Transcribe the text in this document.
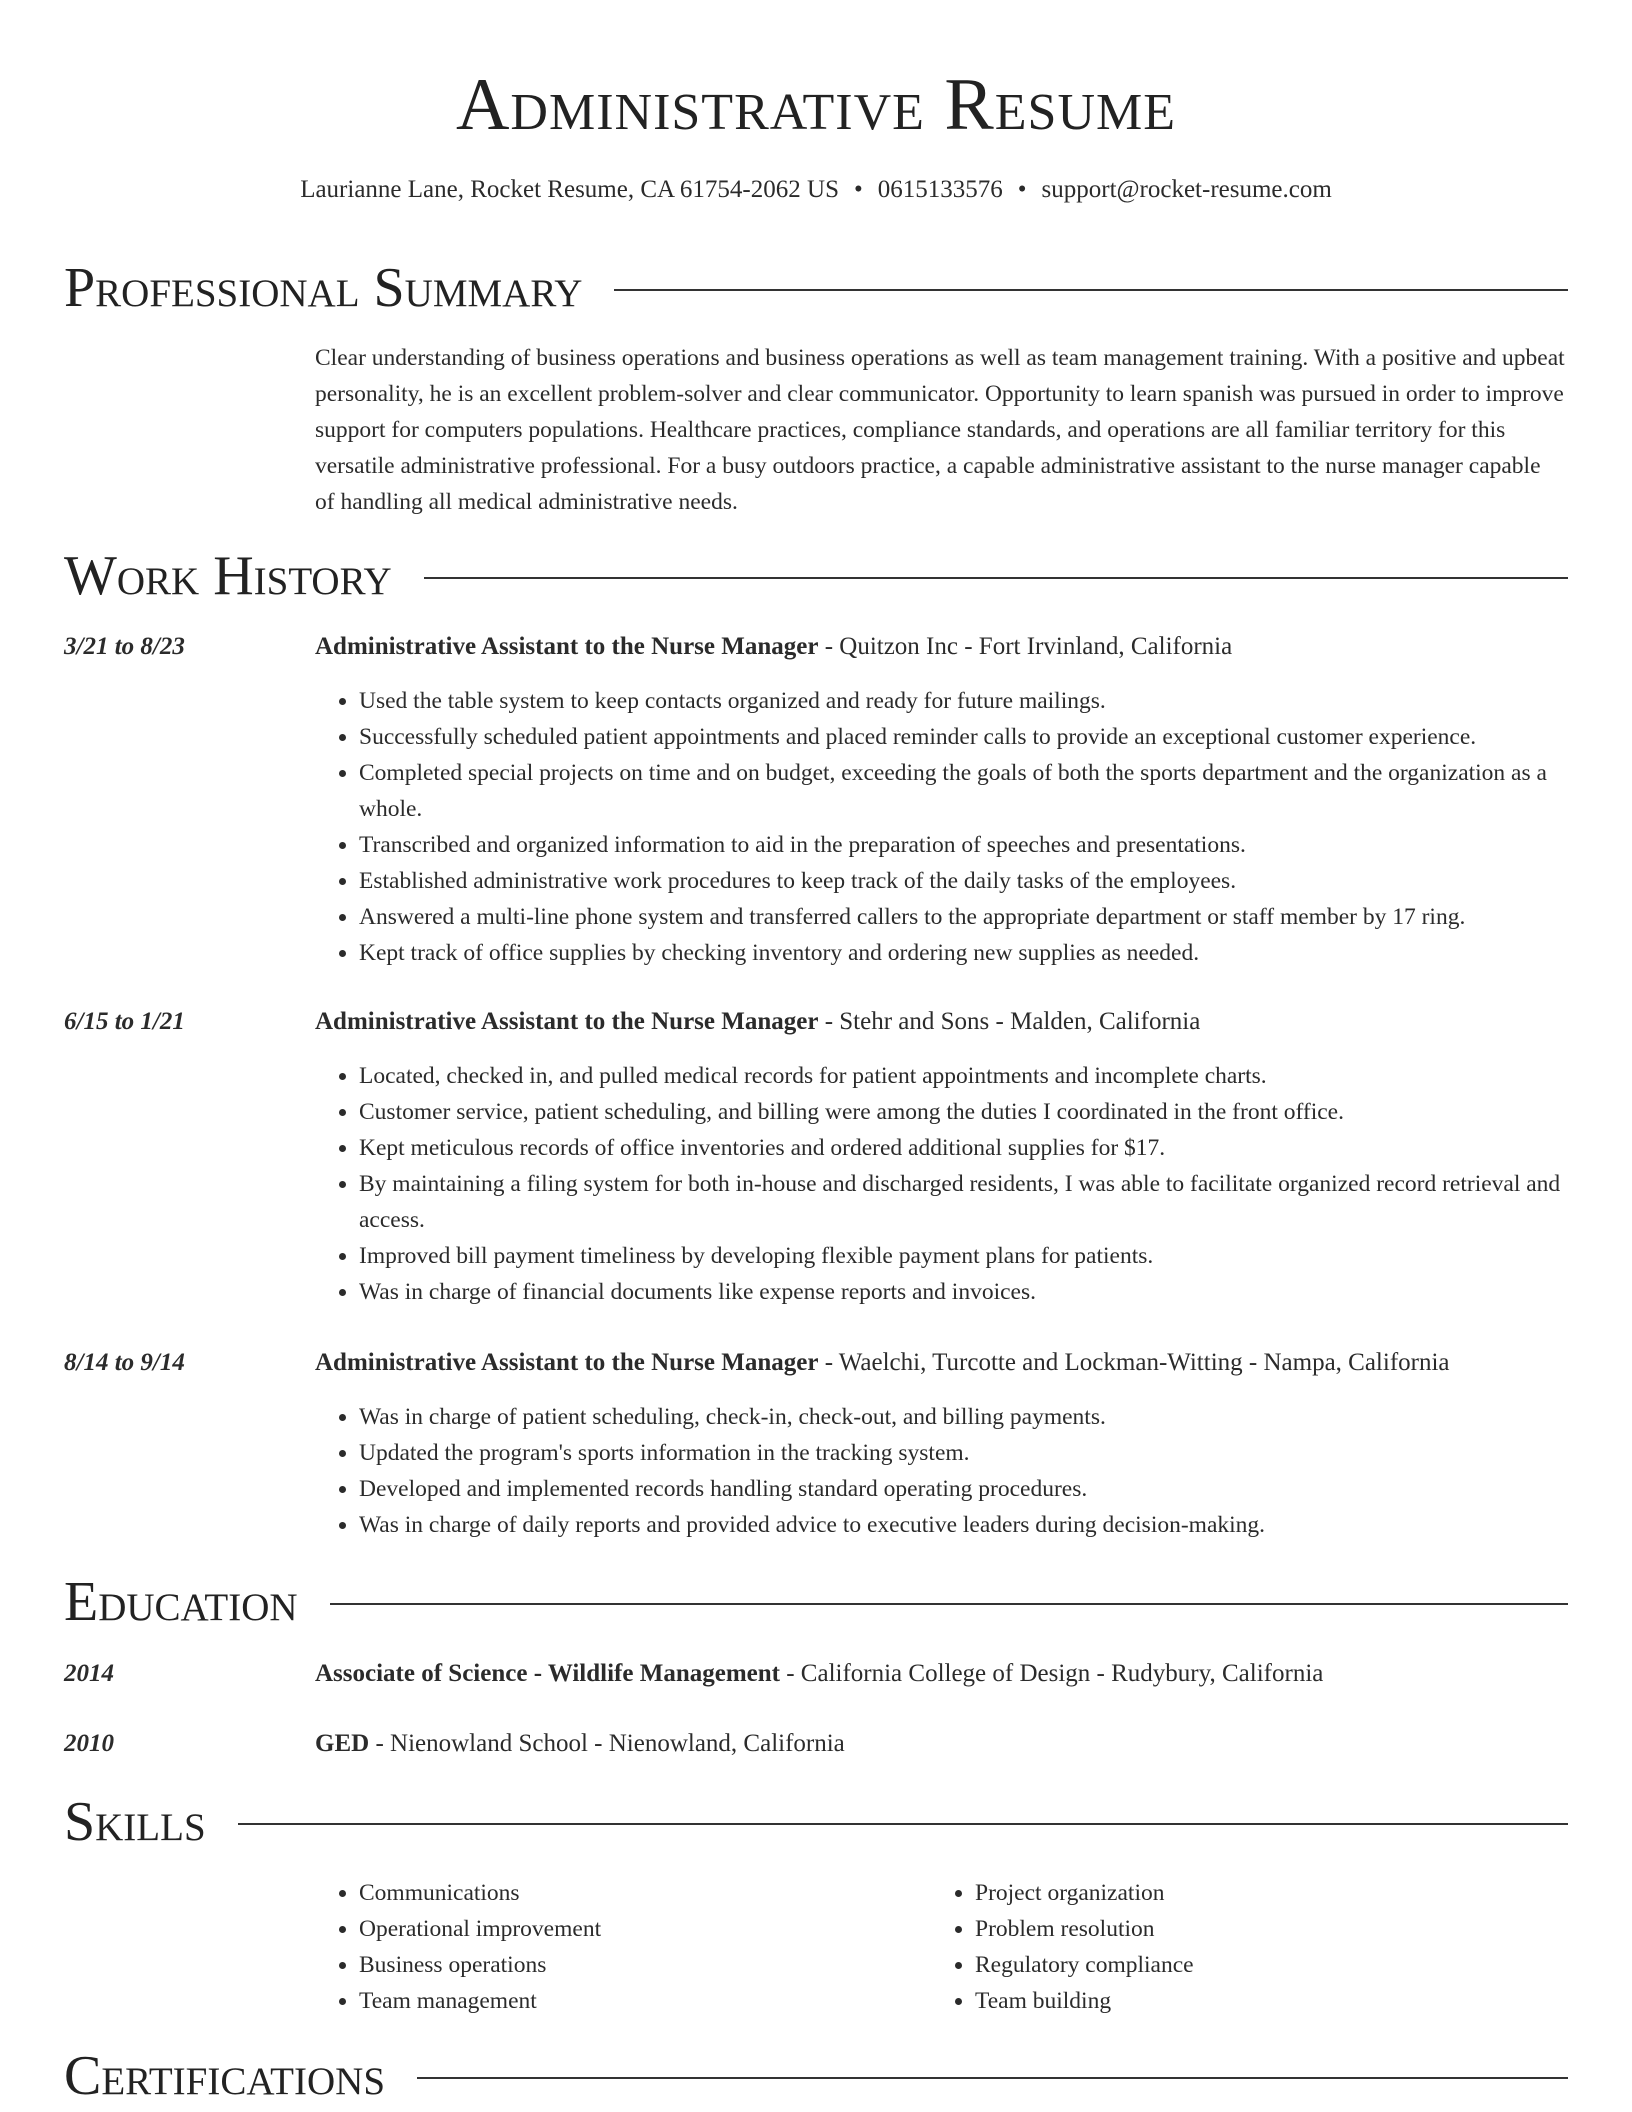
Administrative Resume
Laurianne Lane, Rocket Resume, CA 61754-2062 US • 0615133576 • support@rocket-resume.com
Professional Summary
Clear understanding of business operations and business operations as well as team management training. With a positive and upbeat personality, he is an excellent problem-solver and clear communicator. Opportunity to learn spanish was pursued in order to improve support for computers populations. Healthcare practices, compliance standards, and operations are all familiar territory for this versatile administrative professional. For a busy outdoors practice, a capable administrative assistant to the nurse manager capable of handling all medical administrative needs.
Work History
3/21 to 8/23	Administrative Assistant to the Nurse Manager - Quitzon Inc - Fort Irvinland, California
• Used the table system to keep contacts organized and ready for future mailings.
• Successfully scheduled patient appointments and placed reminder calls to provide an exceptional customer experience.
• Completed special projects on time and on budget, exceeding the goals of both the sports department and the organization as a whole.
• Transcribed and organized information to aid in the preparation of speeches and presentations.
• Established administrative work procedures to keep track of the daily tasks of the employees.
• Answered a multi-line phone system and transferred callers to the appropriate department or staff member by 17 ring.
• Kept track of office supplies by checking inventory and ordering new supplies as needed.
6/15 to 1/21	Administrative Assistant to the Nurse Manager - Stehr and Sons - Malden, California
• Located, checked in, and pulled medical records for patient appointments and incomplete charts.
• Customer service, patient scheduling, and billing were among the duties I coordinated in the front office.
• Kept meticulous records of office inventories and ordered additional supplies for $17.
• By maintaining a filing system for both in-house and discharged residents, I was able to facilitate organized record retrieval and access.
• Improved bill payment timeliness by developing flexible payment plans for patients.
• Was in charge of financial documents like expense reports and invoices.
8/14 to 9/14	Administrative Assistant to the Nurse Manager - Waelchi, Turcotte and Lockman-Witting - Nampa, California
• Was in charge of patient scheduling, check-in, check-out, and billing payments.
• Updated the program's sports information in the tracking system.
• Developed and implemented records handling standard operating procedures.
• Was in charge of daily reports and provided advice to executive leaders during decision-making.
Education
2014	Associate of Science - Wildlife Management - California College of Design - Rudybury, California
2010	GED - Nienowland School - Nienowland, California
Skills
• Communications
• Operational improvement
• Business operations
• Team management
• Project organization
• Problem resolution
• Regulatory compliance
• Team building
Certifications
